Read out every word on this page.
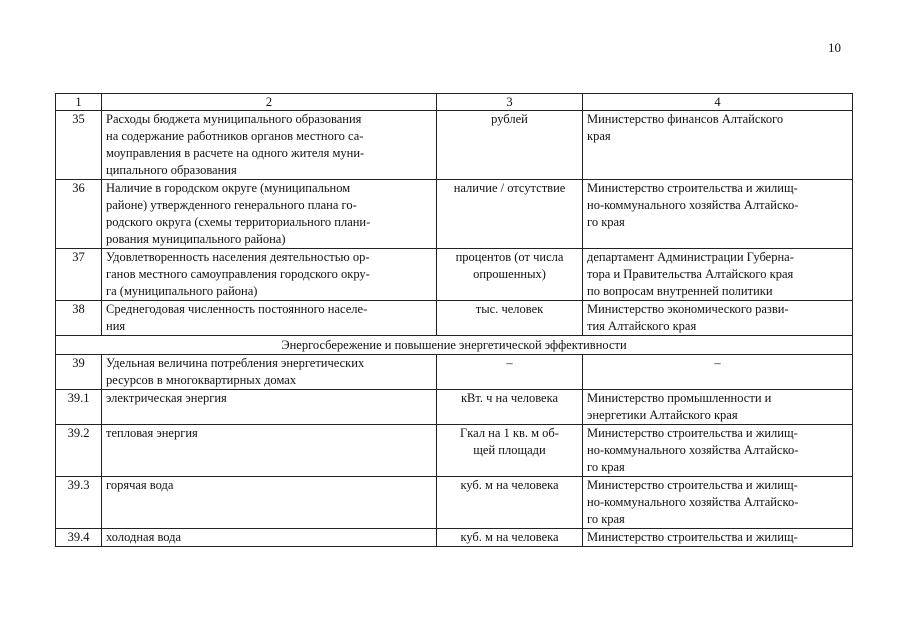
10
1	2	3	4
35	Расходы бюджета муниципального образования
на содержание работников органов местного са-
моуправления в расчете на одного жителя муни-
ципального образования	рублей	Министерство финансов Алтайского
края
36	Наличие в городском округе (муниципальном
районе) утвержденного генерального плана го-
родского округа (схемы территориального плани-
рования муниципального района)	наличие / отсутствие	Министерство строительства и жилищ-
но-коммунального хозяйства Алтайско-
го края
37	Удовлетворенность населения деятельностью ор-
ганов местного самоуправления городского окру-
га (муниципального района)	процентов (от числа
опрошенных)	департамент Администрации Губерна-
тора и Правительства Алтайского края
по вопросам внутренней политики
38	Среднегодовая численность постоянного населе-
ния	тыс. человек	Министерство экономического разви-
тия Алтайского края
Энергосбережение и повышение энергетической эффективности			
39	Удельная величина потребления энергетических
ресурсов в многоквартирных домах	–	–
39.1	электрическая энергия	кВт. ч на человека	Министерство промышленности и
энергетики Алтайского края
39.2	тепловая энергия	Гкал на 1 кв. м об-
щей площади	Министерство строительства и жилищ-
но-коммунального хозяйства Алтайско-
го края
39.3	горячая вода	куб. м на человека	Министерство строительства и жилищ-
но-коммунального хозяйства Алтайско-
го края
39.4	холодная вода	куб. м на человека	Министерство строительства и жилищ-
